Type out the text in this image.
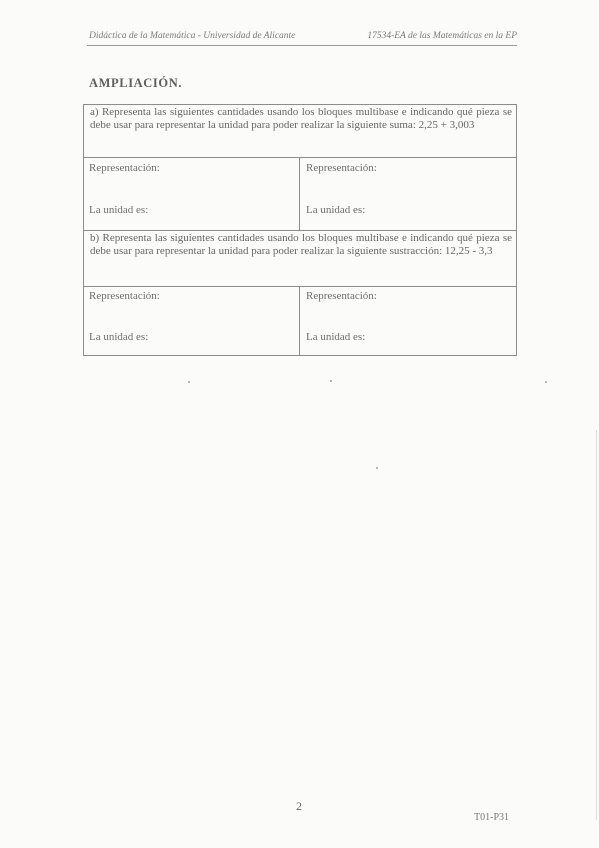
Didáctica de la Matemática - Universidad de Alicante	17534-EA de las Matemáticas en la EP
AMPLIACIÓN.
a) Representa las siguientes cantidades usando los bloques multibase e indicando qué pieza se debe usar para representar la unidad para poder realizar la siguiente suma: 2,25 + 3,003
Representación:	Representación:
La unidad es:	La unidad es:
b) Representa las siguientes cantidades usando los bloques multibase e indicando qué pieza se debe usar para representar la unidad para poder realizar la siguiente sustracción: 12,25 - 3,3
Representación:	Representación:
La unidad es:	La unidad es:
2
T01-P31
